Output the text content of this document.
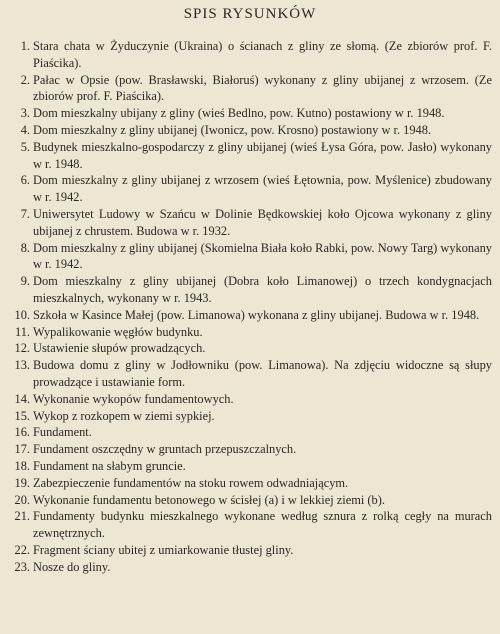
SPIS RYSUNKÓW
1. Stara chata w Żyduczynie (Ukraina) o ścianach z gliny ze słomą. (Ze zbiorów prof. F. Piaścika).
2. Pałac w Opsie (pow. Brasławski, Białoruś) wykonany z gliny ubijanej z wrzosem. (Ze zbiorów prof. F. Piaścika).
3. Dom mieszkalny ubijany z gliny (wieś Bedlno, pow. Kutno) postawiony w r. 1948.
4. Dom mieszkalny z gliny ubijanej (Iwonicz, pow. Krosno) postawiony w r. 1948.
5. Budynek mieszkalno-gospodarczy z gliny ubijanej (wieś Łysa Góra, pow. Jasło) wykonany w r. 1948.
6. Dom mieszkalny z gliny ubijanej z wrzosem (wieś Łętownia, pow. Myślenice) zbudowany w r. 1942.
7. Uniwersytet Ludowy w Szańcu w Dolinie Będkowskiej koło Ojcowa wykonany z gliny ubijanej z chrustem. Budowa w r. 1932.
8. Dom mieszkalny z gliny ubijanej (Skomielna Biała koło Rabki, pow. Nowy Targ) wykonany w r. 1942.
9. Dom mieszkalny z gliny ubijanej (Dobra koło Limanowej) o trzech kondygnacjach mieszkalnych, wykonany w r. 1943.
10. Szkoła w Kasince Małej (pow. Limanowa) wykonana z gliny ubijanej. Budowa w r. 1948.
11. Wypalikowanie węgłów budynku.
12. Ustawienie słupów prowadzących.
13. Budowa domu z gliny w Jodłowniku (pow. Limanowa). Na zdjęciu widoczne są słupy prowadzące i ustawianie form.
14. Wykonanie wykopów fundamentowych.
15. Wykop z rozkopem w ziemi sypkiej.
16. Fundament.
17. Fundament oszczędny w gruntach przepuszczalnych.
18. Fundament na słabym gruncie.
19. Zabezpieczenie fundamentów na stoku rowem odwadniającym.
20. Wykonanie fundamentu betonowego w ścisłej (a) i w lekkiej ziemi (b).
21. Fundamenty budynku mieszkalnego wykonane według sznura z rolką cegły na murach zewnętrznych.
22. Fragment ściany ubitej z umiarkowanie tłustej gliny.
23. Nosze do gliny.
